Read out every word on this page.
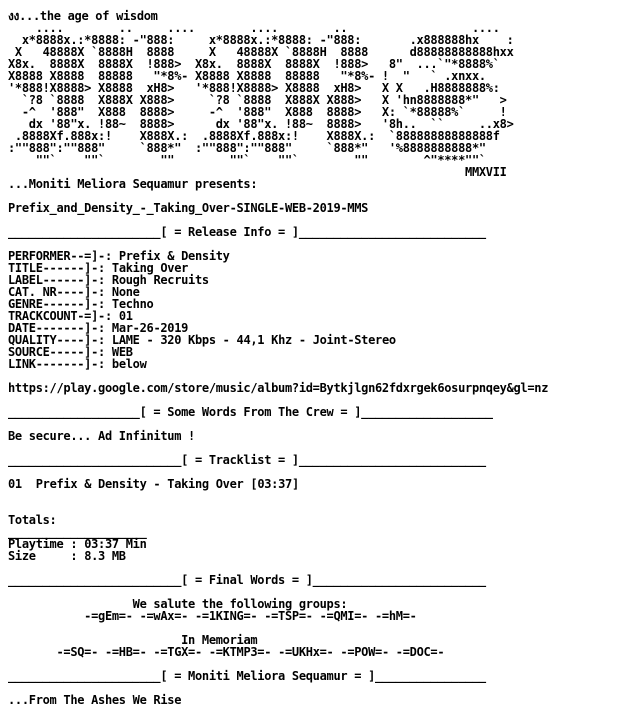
งง...the age of wisdom
....        ..     ....        ....        ..                  ....
x*8888x.:*8888: -"888:     x*8888x.:*8888: -"888:       .x888888hx    :
X   48888X `8888H  8888     X   48888X `8888H  8888      d88888888888hxx
X8x.  8888X  8888X  !888>  X8x.  8888X  8888X  !888>   8"  ...`"*8888%`
X8888 X8888  88888   "*8%- X8888 X8888  88888   "*8%- !  "   ` .xnxx.
'*888!X8888> X8888  xH8>   '*888!X8888> X8888  xH8>   X X   .H8888888%:
`?8 `8888  X888X X888>     `?8 `8888  X888X X888>   X 'hn8888888*"   >
-^  '888"  X888  8888>     -^  '888"  X888  8888>   X: `*88888%`     !
dx '88"x. !88~  8888>      dx '88"x. !88~  8888>   '8h..  ``     ..x8>
.8888Xf.888x:!    X888X.:  .8888Xf.888x:!    X888X.:  `88888888888888f
:""888":""888"     `888*"  :""888":""888"     `888*"   '%8888888888*"
""`    ""`        ""        ""`    ""`        ""        ^"****""`
MMXVII
...Moniti Meliora Sequamur presents:
Prefix_and_Density_-_Taking_Over-SINGLE-WEB-2019-MMS
______________________[ = Release Info = ]___________________________
PERFORMER--=]-: Prefix & Density
TITLE------]-: Taking Over
LABEL------]-: Rough Recruits
CAT. NR----]-: None
GENRE------]-: Techno
TRACKCOUNT-=]-: 01
DATE-------]-: Mar-26-2019
QUALITY----]-: LAME - 320 Kbps - 44,1 Khz - Joint-Stereo
SOURCE-----]-: WEB
LINK-------]-: below
https://play.google.com/store/music/album?id=Bytkjlgn62fdxrgek6osurpnqey&gl=nz
___________________[ = Some Words From The Crew = ]___________________
Be secure... Ad Infinitum !
_________________________[ = Tracklist = ]___________________________
01 Prefix & Density - Taking Over [03:37]
Totals:
____________________
Playtime : 03:37 Min
Size     : 8.3 MB
_________________________[ = Final Words = ]_________________________
We salute the following groups:
-=gEm=- -=wAx=- -=1KING=- -=TSP=- -=QMI=- -=hM=-
In Memoriam
-=SQ=- -=HB=- -=TGX=- -=KTMP3=- -=UKHx=- -=POW=- -=DOC=-
______________________[ = Moniti Meliora Sequamur = ]________________
...From The Ashes We Rise
